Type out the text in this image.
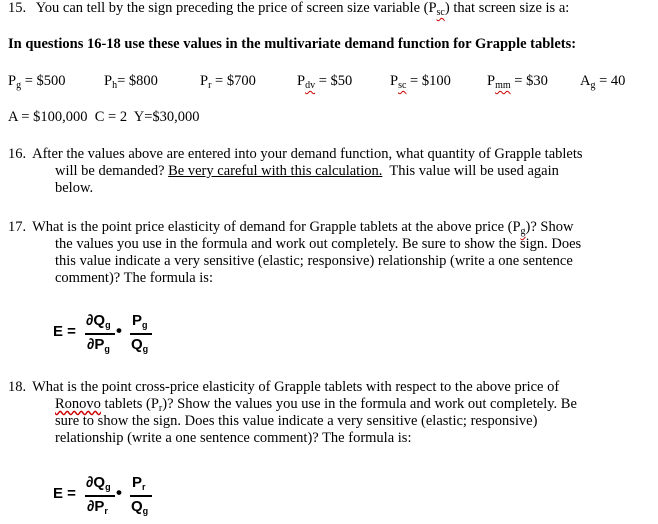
15. You can tell by the sign preceding the price of screen size variable $(P_{sc})$ that screen size is a:
In questions 16-18 use these values in the multivariate demand function for Grapple tablets:
$P_g$ = $500	$P_h=$ $800	$P_r$ = $700	$P_{dv}$ = $50	$P_{sc}$ = $100 $P_{mm}$ = $30 $A_g = 40$
A = $100,000  C = 2  Y=$30,000
16. After the values above are entered into your demand function, what quantity of Grapple tablets
will be demanded? Be very careful with this calculation.  This value will be used again
below.
17. What is the point price elasticity of demand for Grapple tablets at the above price $(P_g)$? Show
the values you use in the formula and work out completely. Be sure to show the sign. Does
this value indicate a very sensitive (elastic; responsive) relationship (write a one sentence
comment)? The formula is:
E =
$\partial Q_g$
$\partial P_g$
•
$P_g$
$Q_g$
18. What is the point cross-price elasticity of Grapple tablets with respect to the above price of
Ronovo tablets $(P_r)$? Show the values you use in the formula and work out completely. Be
sure to show the sign. Does this value indicate a very sensitive (elastic; responsive)
relationship (write a one sentence comment)? The formula is:
E =
$\partial Q_g$
$\partial P_r$
•
$P_r$
$Q_g$
